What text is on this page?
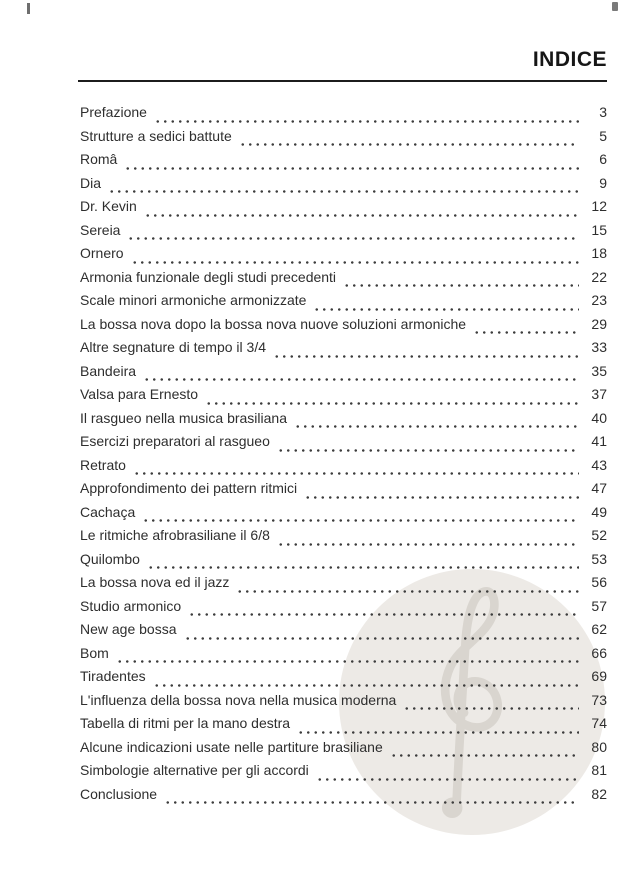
INDICE
Prefazione	3
Strutture a sedici battute	5
Româ	6
Dia	9
Dr. Kevin	12
Sereia	15
Ornero	18
Armonia funzionale degli studi precedenti	22
Scale minori armoniche armonizzate	23
La bossa nova dopo la bossa nova nuove soluzioni armoniche	29
Altre segnature di tempo il 3/4	33
Bandeira	35
Valsa para Ernesto	37
Il rasgueo nella musica brasiliana	40
Esercizi preparatori al rasgueo	41
Retrato	43
Approfondimento dei pattern ritmici	47
Cachaça	49
Le ritmiche afrobrasiliane il 6/8	52
Quilombo	53
La bossa nova ed il jazz	56
Studio armonico	57
New age bossa	62
Bom	66
Tiradentes	69
L'influenza della bossa nova nella musica moderna	73
Tabella di ritmi per la mano destra	74
Alcune indicazioni usate nelle partiture brasiliane	80
Simbologie alternative per gli accordi	81
Conclusione	82
